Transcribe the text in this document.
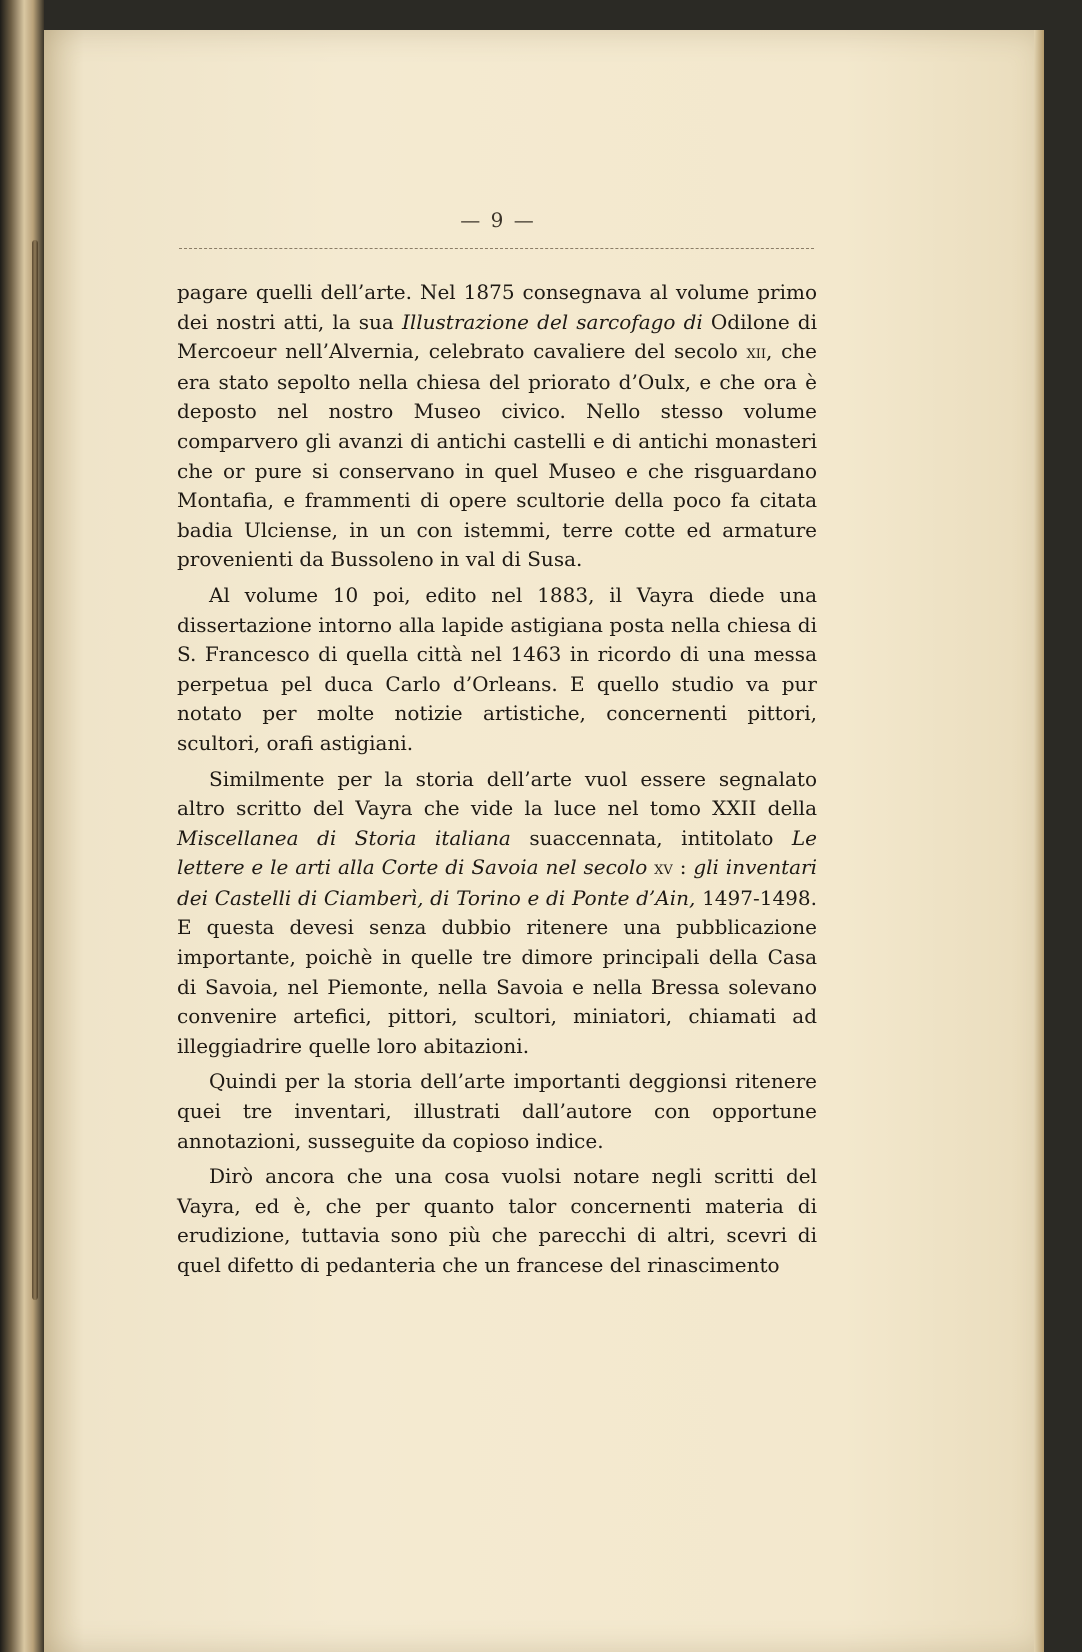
— 9 —

pagare quelli dell’arte. Nel 1875 consegnava al volume primo dei nostri atti, la sua Illustrazione del sarcofago di Odilone di Mercoeur nell’Alvernia, celebrato cavaliere del secolo xii, che era stato sepolto nella chiesa del priorato d’Oulx, e che ora è deposto nel nostro Museo civico. Nello stesso volume comparvero gli avanzi di antichi castelli e di antichi monasteri che or pure si conservano in quel Museo e che risguardano Montafia, e frammenti di opere scultorie della poco fa citata badia Ulciense, in un con istemmi, terre cotte ed armature provenienti da Bussoleno in val di Susa.

Al volume 10 poi, edito nel 1883, il Vayra diede una dissertazione intorno alla lapide astigiana posta nella chiesa di S. Francesco di quella città nel 1463 in ricordo di una messa perpetua pel duca Carlo d’Orleans. E quello studio va pur notato per molte notizie artistiche, concernenti pittori, scultori, orafi astigiani.

Similmente per la storia dell’arte vuol essere segnalato altro scritto del Vayra che vide la luce nel tomo XXII della Miscellanea di Storia italiana suaccennata, intitolato Le lettere e le arti alla Corte di Savoia nel secolo xv : gli inventari dei Castelli di Ciamberì, di Torino e di Ponte d’Ain, 1497-1498. E questa devesi senza dubbio ritenere una pubblicazione importante, poichè in quelle tre dimore principali della Casa di Savoia, nel Piemonte, nella Savoia e nella Bressa solevano convenire artefici, pittori, scultori, miniatori, chiamati ad illeggiadrire quelle loro abitazioni.

Quindi per la storia dell’arte importanti deggionsi ritenere quei tre inventari, illustrati dall’autore con opportune annotazioni, susseguite da copioso indice.

Dirò ancora che una cosa vuolsi notare negli scritti del Vayra, ed è, che per quanto talor concernenti materia di erudizione, tuttavia sono più che parecchi di altri, scevri di quel difetto di pedanteria che un francese del rinascimento
